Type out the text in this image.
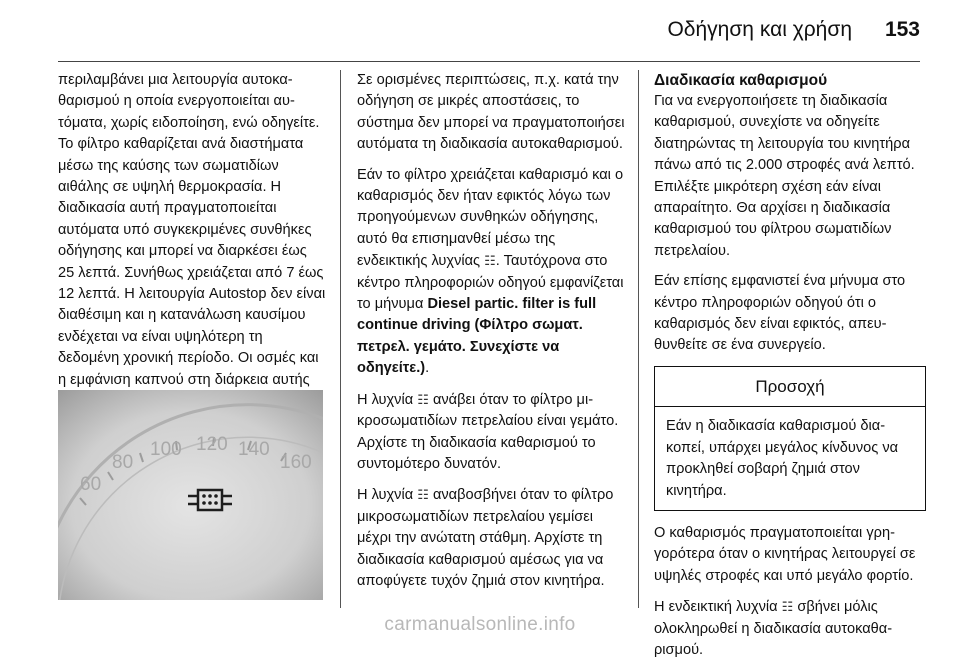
Οδήγηση και χρήση 153

περιλαμβάνει μια λειτουργία αυτοκαθαρισμού η οποία ενεργοποιείται αυτόματα, χωρίς ειδοποίηση, ενώ οδηγείτε. Το φίλτρο καθαρίζεται ανά διαστήματα μέσω της καύσης των σωματιδίων αιθάλης σε υψηλή θερμοκρασία. Η διαδικασία αυτή πραγματοποιείται αυτόματα υπό συγκεκριμένες συνθήκες οδήγησης και μπορεί να διαρκέσει έως 25 λεπτά. Συνήθως χρειάζεται από 7 έως 12 λεπτά. Η λειτουργία Autostop δεν είναι διαθέσιμη και η κατανάλωση καυσίμου ενδέχεται να είναι υψηλότερη τη δεδομένη χρονική περίοδο. Οι οσμές και η εμφάνιση καπνού στη διάρκεια αυτής

60
80
100 120 140
160

Σε ορισμένες περιπτώσεις, π.χ. κατά την οδήγηση σε μικρές αποστάσεις, το σύστημα δεν μπορεί να πραγματοποιήσει αυτόματα τη διαδικασία αυτοκαθαρισμού.

Εάν το φίλτρο χρειάζεται καθαρισμό και ο καθαρισμός δεν ήταν εφικτός λόγω των προηγούμενων συνθηκών οδήγησης, αυτό θα επισημανθεί μέσω της ενδεικτικής λυχνίας ☷. Ταυτόχρονα στο κέντρο πληροφοριών οδηγού εμφανίζεται το μήνυμα Diesel partic. filter is full continue driving (Φίλτρο σωματ. πετρελ. γεμάτο. Συνεχίστε να οδηγείτε.).

Η λυχνία ☷ ανάβει όταν το φίλτρο μικροσωματιδίων πετρελαίου είναι γεμάτο. Αρχίστε τη διαδικασία καθαρισμού το συντομότερο δυνατόν.

Η λυχνία ☷ αναβοσβήνει όταν το φίλτρο μικροσωματιδίων πετρελαίου γεμίσει μέχρι την ανώτατη στάθμη. Αρχίστε τη διαδικασία καθαρισμού αμέσως για να αποφύγετε τυχόν ζημιά στον κινητήρα.

Διαδικασία καθαρισμού

Για να ενεργοποιήσετε τη διαδικασία καθαρισμού, συνεχίστε να οδηγείτε διατηρώντας τη λειτουργία του κινητήρα πάνω από τις 2.000 στροφές ανά λεπτό. Επιλέξτε μικρότερη σχέση εάν είναι απαραίτητο. Θα αρχίσει η διαδικασία καθαρισμού του φίλτρου σωματιδίων πετρελαίου.

Εάν επίσης εμφανιστεί ένα μήνυμα στο κέντρο πληροφοριών οδηγού ότι ο καθαρισμός δεν είναι εφικτός, απευθυνθείτε σε ένα συνεργείο.

Προσοχή
Εάν η διαδικασία καθαρισμού διακοπεί, υπάρχει μεγάλος κίνδυνος να προκληθεί σοβαρή ζημιά στον κινητήρα.

Ο καθαρισμός πραγματοποιείται γρηγορότερα όταν ο κινητήρας λειτουργεί σε υψηλές στροφές και υπό μεγάλο φορτίο.

Η ενδεικτική λυχνία ☷ σβήνει μόλις ολοκληρωθεί η διαδικασία αυτοκαθαρισμού.

carmanualsonline.info
